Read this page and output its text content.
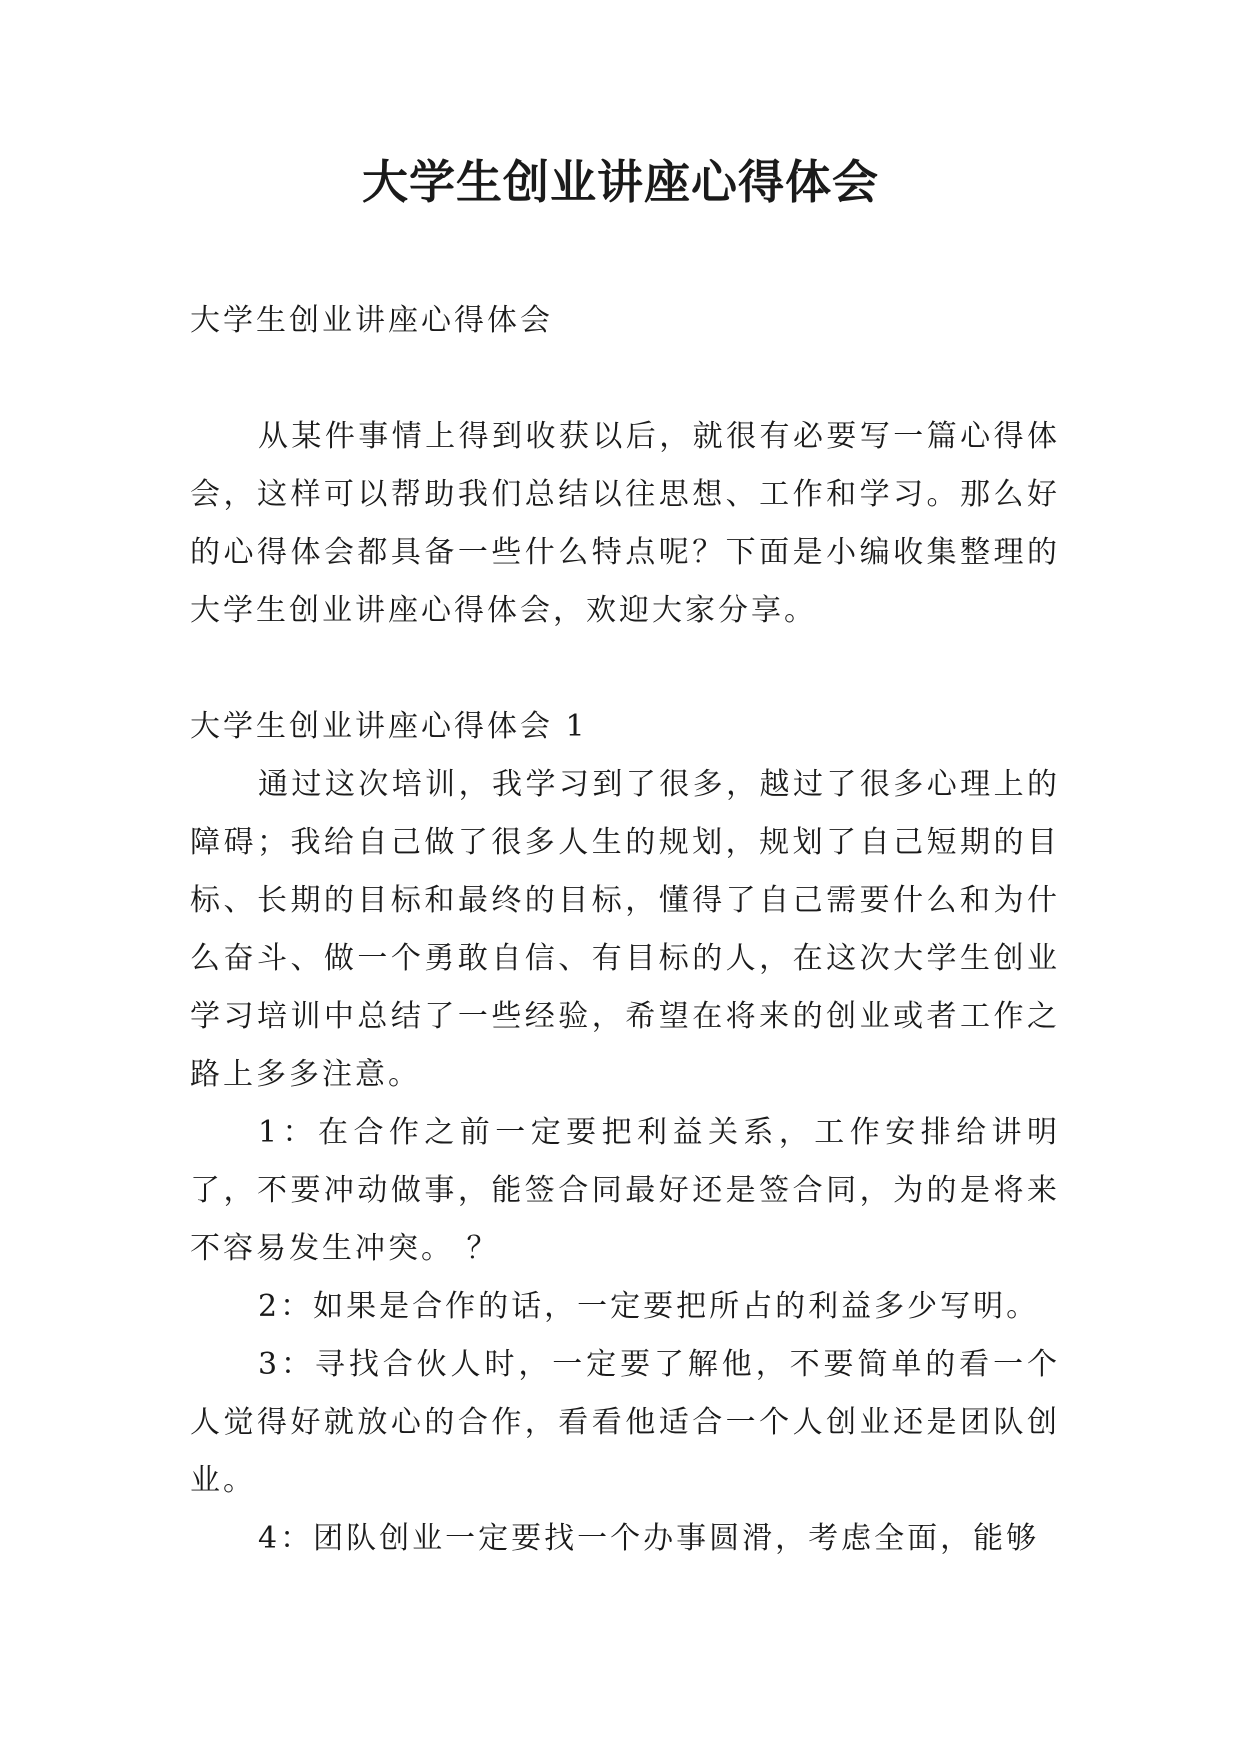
大学生创业讲座心得体会

大学生创业讲座心得体会

从某件事情上得到收获以后，就很有必要写一篇心得体会，这样可以帮助我们总结以往思想、工作和学习。那么好的心得体会都具备一些什么特点呢？下面是小编收集整理的大学生创业讲座心得体会，欢迎大家分享。

大学生创业讲座心得体会 1

通过这次培训，我学习到了很多，越过了很多心理上的障碍；我给自己做了很多人生的规划，规划了自己短期的目标、长期的目标和最终的目标，懂得了自己需要什么和为什么奋斗、做一个勇敢自信、有目标的人，在这次大学生创业学习培训中总结了一些经验，希望在将来的创业或者工作之路上多多注意。

1：在合作之前一定要把利益关系，工作安排给讲明了，不要冲动做事，能签合同最好还是签合同，为的是将来不容易发生冲突。 ？

2：如果是合作的话，一定要把所占的利益多少写明。

3：寻找合伙人时，一定要了解他，不要简单的看一个人觉得好就放心的合作，看看他适合一个人创业还是团队创业。

4：团队创业一定要找一个办事圆滑，考虑全面，能够
